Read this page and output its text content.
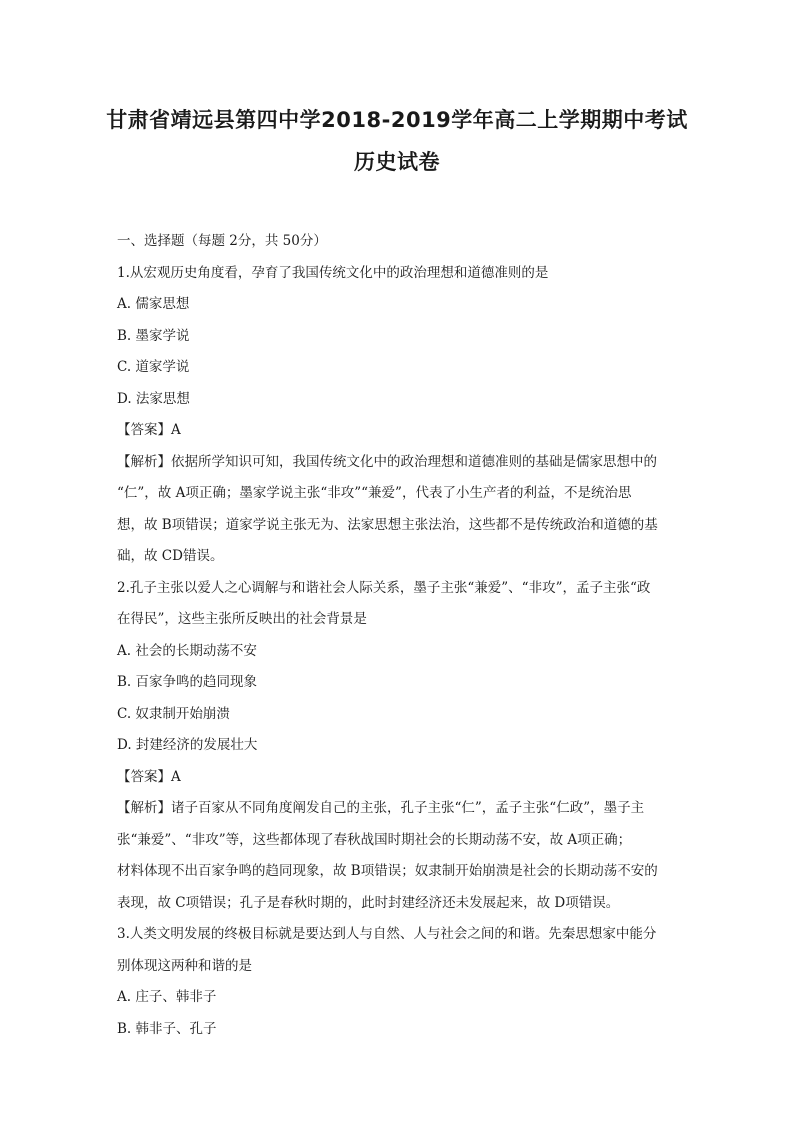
甘肃省靖远县第四中学2018-2019学年高二上学期期中考试
历史试卷
一、选择题（每题 2分，共 50分）
1.从宏观历史角度看，孕育了我国传统文化中的政治理想和道德准则的是
A. 儒家思想
B. 墨家学说
C. 道家学说
D. 法家思想
【答案】A
【解析】依据所学知识可知，我国传统文化中的政治理想和道德准则的基础是儒家思想中的
“仁”，故 A项正确；墨家学说主张“非攻”“兼爱”，代表了小生产者的利益，不是统治思
想，故 B项错误；道家学说主张无为、法家思想主张法治，这些都不是传统政治和道德的基
础，故 CD错误。
2.孔子主张以爱人之心调解与和谐社会人际关系，墨子主张“兼爱”、“非攻”，孟子主张“政
在得民”，这些主张所反映出的社会背景是
A. 社会的长期动荡不安
B. 百家争鸣的趋同现象
C. 奴隶制开始崩溃
D. 封建经济的发展壮大
【答案】A
【解析】诸子百家从不同角度阐发自己的主张，孔子主张“仁”，孟子主张“仁政”，墨子主
张“兼爱”、“非攻”等，这些都体现了春秋战国时期社会的长期动荡不安，故 A项正确；
材料体现不出百家争鸣的趋同现象，故 B项错误；奴隶制开始崩溃是社会的长期动荡不安的
表现，故 C项错误；孔子是春秋时期的，此时封建经济还未发展起来，故 D项错误。
3.人类文明发展的终极目标就是要达到人与自然、人与社会之间的和谐。先秦思想家中能分
别体现这两种和谐的是
A. 庄子、韩非子
B. 韩非子、孔子
